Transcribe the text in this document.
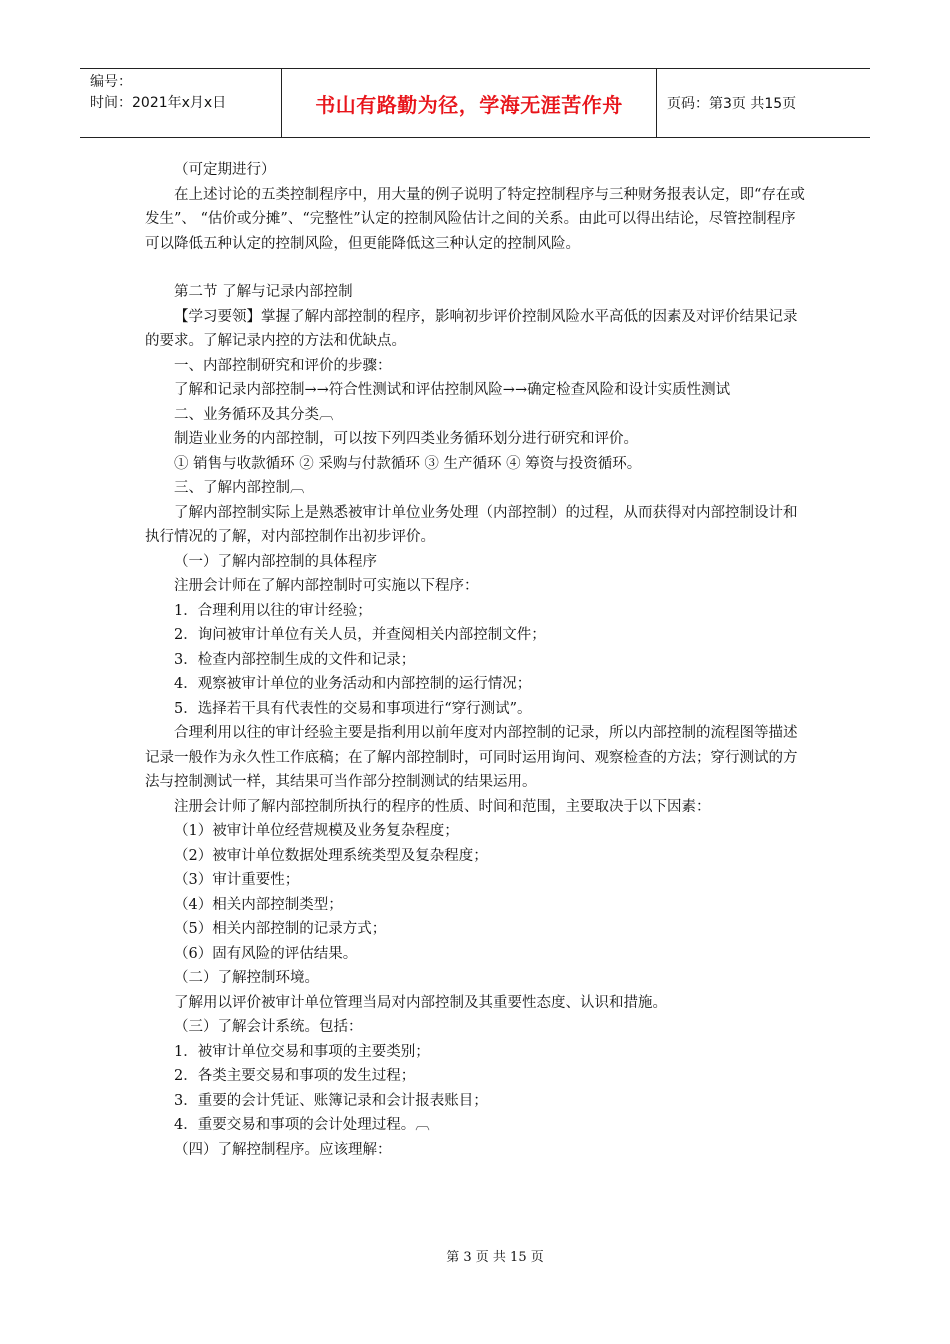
编号：
时间：2021年x月x日	书山有路勤为径，学海无涯苦作舟	页码：第3页 共15页

（可定期进行）

在上述讨论的五类控制程序中，用大量的例子说明了特定控制程序与三种财务报表认定，即“存在或发生”、 “估价或分摊”、“完整性”认定的控制风险估计之间的关系。由此可以得出结论，尽管控制程序可以降低五种认定的控制风险，但更能降低这三种认定的控制风险。

第二节 了解与记录内部控制

【学习要领】掌握了解内部控制的程序，影响初步评价控制风险水平高低的因素及对评价结果记录的要求。了解记录内控的方法和优缺点。

一、内部控制研究和评价的步骤：

了解和记录内部控制→→符合性测试和评估控制风险→→确定检查风险和设计实质性测试

二、业务循环及其分类︹

制造业业务的内部控制，可以按下列四类业务循环划分进行研究和评价。

① 销售与收款循环 ② 采购与付款循环 ③ 生产循环 ④ 筹资与投资循环。

三、了解内部控制︹

了解内部控制实际上是熟悉被审计单位业务处理（内部控制）的过程，从而获得对内部控制设计和执行情况的了解，对内部控制作出初步评价。

（一）了解内部控制的具体程序

注册会计师在了解内部控制时可实施以下程序：

1．合理利用以往的审计经验；

2．询问被审计单位有关人员，并查阅相关内部控制文件；

3．检查内部控制生成的文件和记录；

4．观察被审计单位的业务活动和内部控制的运行情况；

5．选择若干具有代表性的交易和事项进行“穿行测试”。

合理利用以往的审计经验主要是指利用以前年度对内部控制的记录，所以内部控制的流程图等描述记录一般作为永久性工作底稿；在了解内部控制时，可同时运用询问、观察检查的方法；穿行测试的方法与控制测试一样，其结果可当作部分控制测试的结果运用。

注册会计师了解内部控制所执行的程序的性质、时间和范围，主要取决于以下因素：

（1）被审计单位经营规模及业务复杂程度；

（2）被审计单位数据处理系统类型及复杂程度；

（3）审计重要性；

（4）相关内部控制类型；

（5）相关内部控制的记录方式；

（6）固有风险的评估结果。

（二）了解控制环境。

了解用以评价被审计单位管理当局对内部控制及其重要性态度、认识和措施。

（三）了解会计系统。包括：

1．被审计单位交易和事项的主要类别；

2．各类主要交易和事项的发生过程；

3．重要的会计凭证、账簿记录和会计报表账目；

4．重要交易和事项的会计处理过程。︹

（四）了解控制程序。应该理解：

第 3 页 共 15 页
